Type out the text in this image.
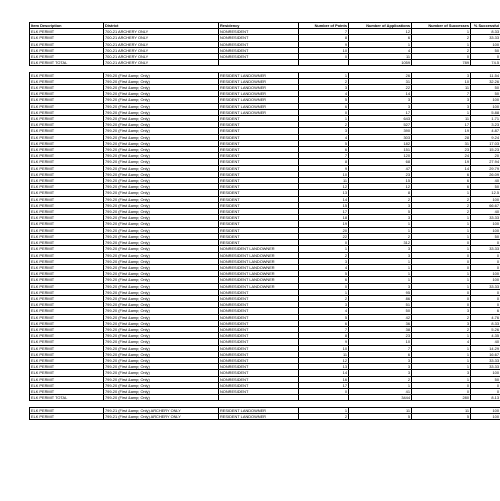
Item Description	District	Residency	Number of Points	Number of Applications	Number of Successes	% Successful
ELK PERMIT	700-21 ARCHERY ONLY	NONRESIDENT	7	12	1	8.33
ELK PERMIT	700-21 ARCHERY ONLY	NONRESIDENT	8	6	2	33.33
ELK PERMIT	700-21 ARCHERY ONLY	NONRESIDENT	9	1	1	100
ELK PERMIT	700-21 ARCHERY ONLY	NONRESIDENT	10	4	2	50
ELK PERMIT	700-21 ARCHERY ONLY	NONRESIDENT	0	11	0	0
ELK PERMIT TOTAL	700-21 ARCHERY ONLY			1059	789	74.5

ELK PERMIT	799-20 (First &amp; Only)	RESIDENT LANDOWNER	1	26	3	11.54
ELK PERMIT	799-20 (First &amp; Only)	RESIDENT LANDOWNER	2	31	10	32.26
ELK PERMIT	799-20 (First &amp; Only)	RESIDENT LANDOWNER	3	22	11	50
ELK PERMIT	799-20 (First &amp; Only)	RESIDENT LANDOWNER	4	14	7	50
ELK PERMIT	799-20 (First &amp; Only)	RESIDENT LANDOWNER	5	3	3	100
ELK PERMIT	799-20 (First &amp; Only)	RESIDENT LANDOWNER	6	3	3	100
ELK PERMIT	799-20 (First &amp; Only)	RESIDENT LANDOWNER	0	17	1	5.88
ELK PERMIT	799-20 (First &amp; Only)	RESIDENT	1	643	11	1.71
ELK PERMIT	799-20 (First &amp; Only)	RESIDENT	2	527	17	3.23
ELK PERMIT	799-20 (First &amp; Only)	RESIDENT	3	390	19	4.87
ELK PERMIT	799-20 (First &amp; Only)	RESIDENT	4	303	28	9.24
ELK PERMIT	799-20 (First &amp; Only)	RESIDENT	5	182	31	17.03
ELK PERMIT	799-20 (First &amp; Only)	RESIDENT	6	151	23	15.23
ELK PERMIT	799-20 (First &amp; Only)	RESIDENT	7	120	24	20
ELK PERMIT	799-20 (First &amp; Only)	RESIDENT	8	68	19	27.94
ELK PERMIT	799-20 (First &amp; Only)	RESIDENT	9	47	14	29.79
ELK PERMIT	799-20 (First &amp; Only)	RESIDENT	10	23	6	26.09
ELK PERMIT	799-20 (First &amp; Only)	RESIDENT	11	15	6	40
ELK PERMIT	799-20 (First &amp; Only)	RESIDENT	12	12	6	50
ELK PERMIT	799-20 (First &amp; Only)	RESIDENT	13	8	1	12.5
ELK PERMIT	799-20 (First &amp; Only)	RESIDENT	14	2	2	100
ELK PERMIT	799-20 (First &amp; Only)	RESIDENT	15	3	2	66.67
ELK PERMIT	799-20 (First &amp; Only)	RESIDENT	17	5	2	40
ELK PERMIT	799-20 (First &amp; Only)	RESIDENT	18	3	1	33.33
ELK PERMIT	799-20 (First &amp; Only)	RESIDENT	19	1	1	100
ELK PERMIT	799-20 (First &amp; Only)	RESIDENT	20	1	1	100
ELK PERMIT	799-20 (First &amp; Only)	RESIDENT	22	2	1	50
ELK PERMIT	799-20 (First &amp; Only)	RESIDENT	0	312	0	0
ELK PERMIT	799-20 (First &amp; Only)	NONRESIDENT LANDOWNER	1	3	1	33.33
ELK PERMIT	799-20 (First &amp; Only)	NONRESIDENT LANDOWNER	2	3	0	0
ELK PERMIT	799-20 (First &amp; Only)	NONRESIDENT LANDOWNER	3	1	0	0
ELK PERMIT	799-20 (First &amp; Only)	NONRESIDENT LANDOWNER	4	1	0	0
ELK PERMIT	799-20 (First &amp; Only)	NONRESIDENT LANDOWNER	5	1	1	100
ELK PERMIT	799-20 (First &amp; Only)	NONRESIDENT LANDOWNER	6	1	1	100
ELK PERMIT	799-20 (First &amp; Only)	NONRESIDENT LANDOWNER	0	3	1	33.33
ELK PERMIT	799-20 (First &amp; Only)	NONRESIDENT	1	95	0	0
ELK PERMIT	799-20 (First &amp; Only)	NONRESIDENT	2	86	0	0
ELK PERMIT	799-20 (First &amp; Only)	NONRESIDENT	3	51	0	0
ELK PERMIT	799-20 (First &amp; Only)	NONRESIDENT	4	50	3	6
ELK PERMIT	799-20 (First &amp; Only)	NONRESIDENT	5	42	2	4.76
ELK PERMIT	799-20 (First &amp; Only)	NONRESIDENT	6	36	3	8.33
ELK PERMIT	799-20 (First &amp; Only)	NONRESIDENT	7	38	2	5.26
ELK PERMIT	799-20 (First &amp; Only)	NONRESIDENT	8	23	1	4.35
ELK PERMIT	799-20 (First &amp; Only)	NONRESIDENT	9	10	4	40
ELK PERMIT	799-20 (First &amp; Only)	NONRESIDENT	10	7	1	14.29
ELK PERMIT	799-20 (First &amp; Only)	NONRESIDENT	11	6	1	16.67
ELK PERMIT	799-20 (First &amp; Only)	NONRESIDENT	12	3	1	33.33
ELK PERMIT	799-20 (First &amp; Only)	NONRESIDENT	13	3	1	33.33
ELK PERMIT	799-20 (First &amp; Only)	NONRESIDENT	14	3	3	100
ELK PERMIT	799-20 (First &amp; Only)	NONRESIDENT	16	2	1	50
ELK PERMIT	799-20 (First &amp; Only)	NONRESIDENT	17	1	0	0
ELK PERMIT	799-20 (First &amp; Only)	NONRESIDENT	0	41	0	0
ELK PERMIT TOTAL	799-20 (First &amp; Only)			3444	280	8.13

ELK PERMIT	799-21 (First &amp; Only) ARCHERY ONLY	RESIDENT LANDOWNER	1	11	11	100
ELK PERMIT	799-21 (First &amp; Only) ARCHERY ONLY	RESIDENT LANDOWNER	2	5	5	100
